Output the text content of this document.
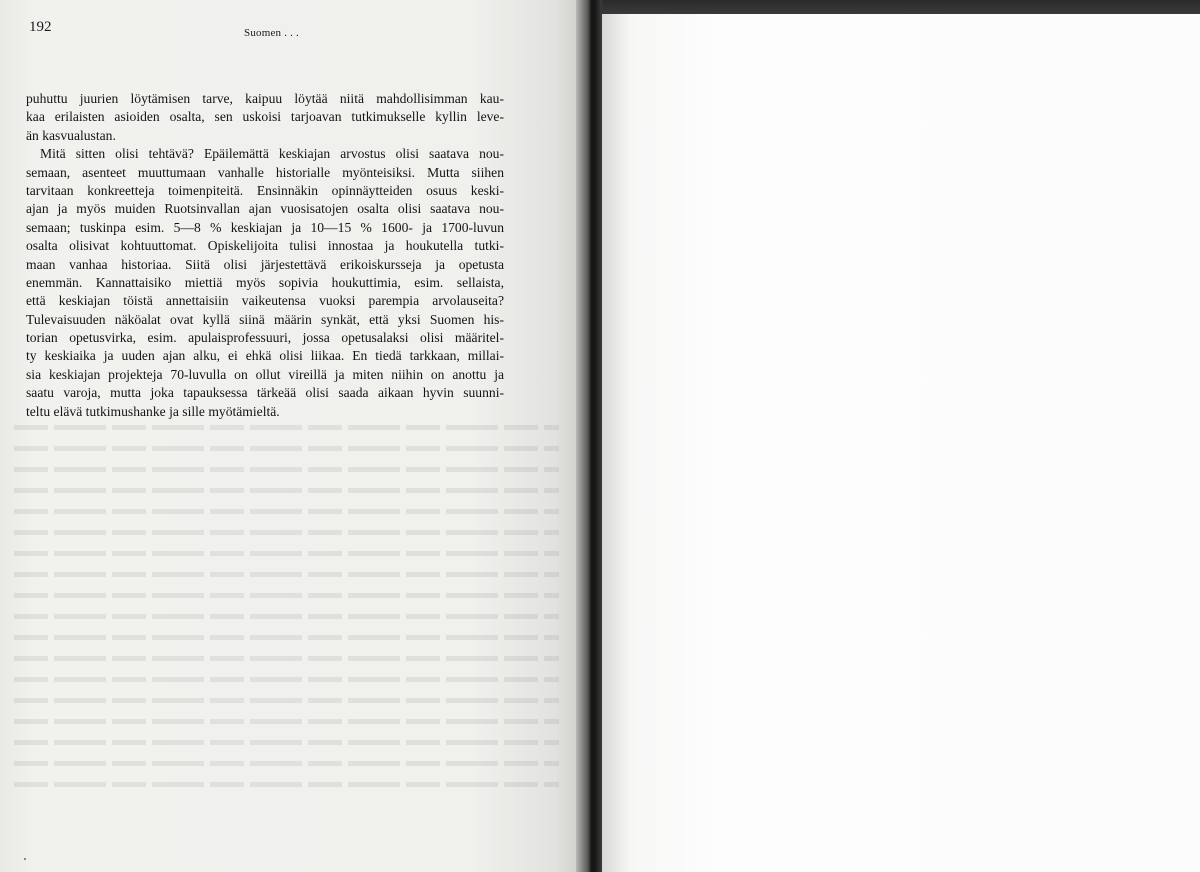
192	Suomen . . .

puhuttu juurien löytämisen tarve, kaipuu löytää niitä mahdollisimman kau-
kaa erilaisten asioiden osalta, sen uskoisi tarjoavan tutkimukselle kyllin leve-
än kasvualustan.
Mitä sitten olisi tehtävä? Epäilemättä keskiajan arvostus olisi saatava nou-
semaan, asenteet muuttumaan vanhalle historialle myönteisiksi. Mutta siihen
tarvitaan konkreetteja toimenpiteitä. Ensinnäkin opinnäytteiden osuus keski-
ajan ja myös muiden Ruotsinvallan ajan vuosisatojen osalta olisi saatava nou-
semaan; tuskinpa esim. 5—8 % keskiajan ja 10—15 % 1600- ja 1700-luvun
osalta olisivat kohtuuttomat. Opiskelijoita tulisi innostaa ja houkutella tutki-
maan vanhaa historiaa. Siitä olisi järjestettävä erikoiskursseja ja opetusta
enemmän. Kannattaisiko miettiä myös sopivia houkuttimia, esim. sellaista,
että keskiajan töistä annettaisiin vaikeutensa vuoksi parempia arvolauseita?
Tulevaisuuden näköalat ovat kyllä siinä määrin synkät, että yksi Suomen his-
torian opetusvirka, esim. apulaisprofessuuri, jossa opetusalaksi olisi määritel-
ty keskiaika ja uuden ajan alku, ei ehkä olisi liikaa. En tiedä tarkkaan, millai-
sia keskiajan projekteja 70-luvulla on ollut vireillä ja miten niihin on anottu ja
saatu varoja, mutta joka tapauksessa tärkeää olisi saada aikaan hyvin suunni-
teltu elävä tutkimushanke ja sille myötämieltä.
